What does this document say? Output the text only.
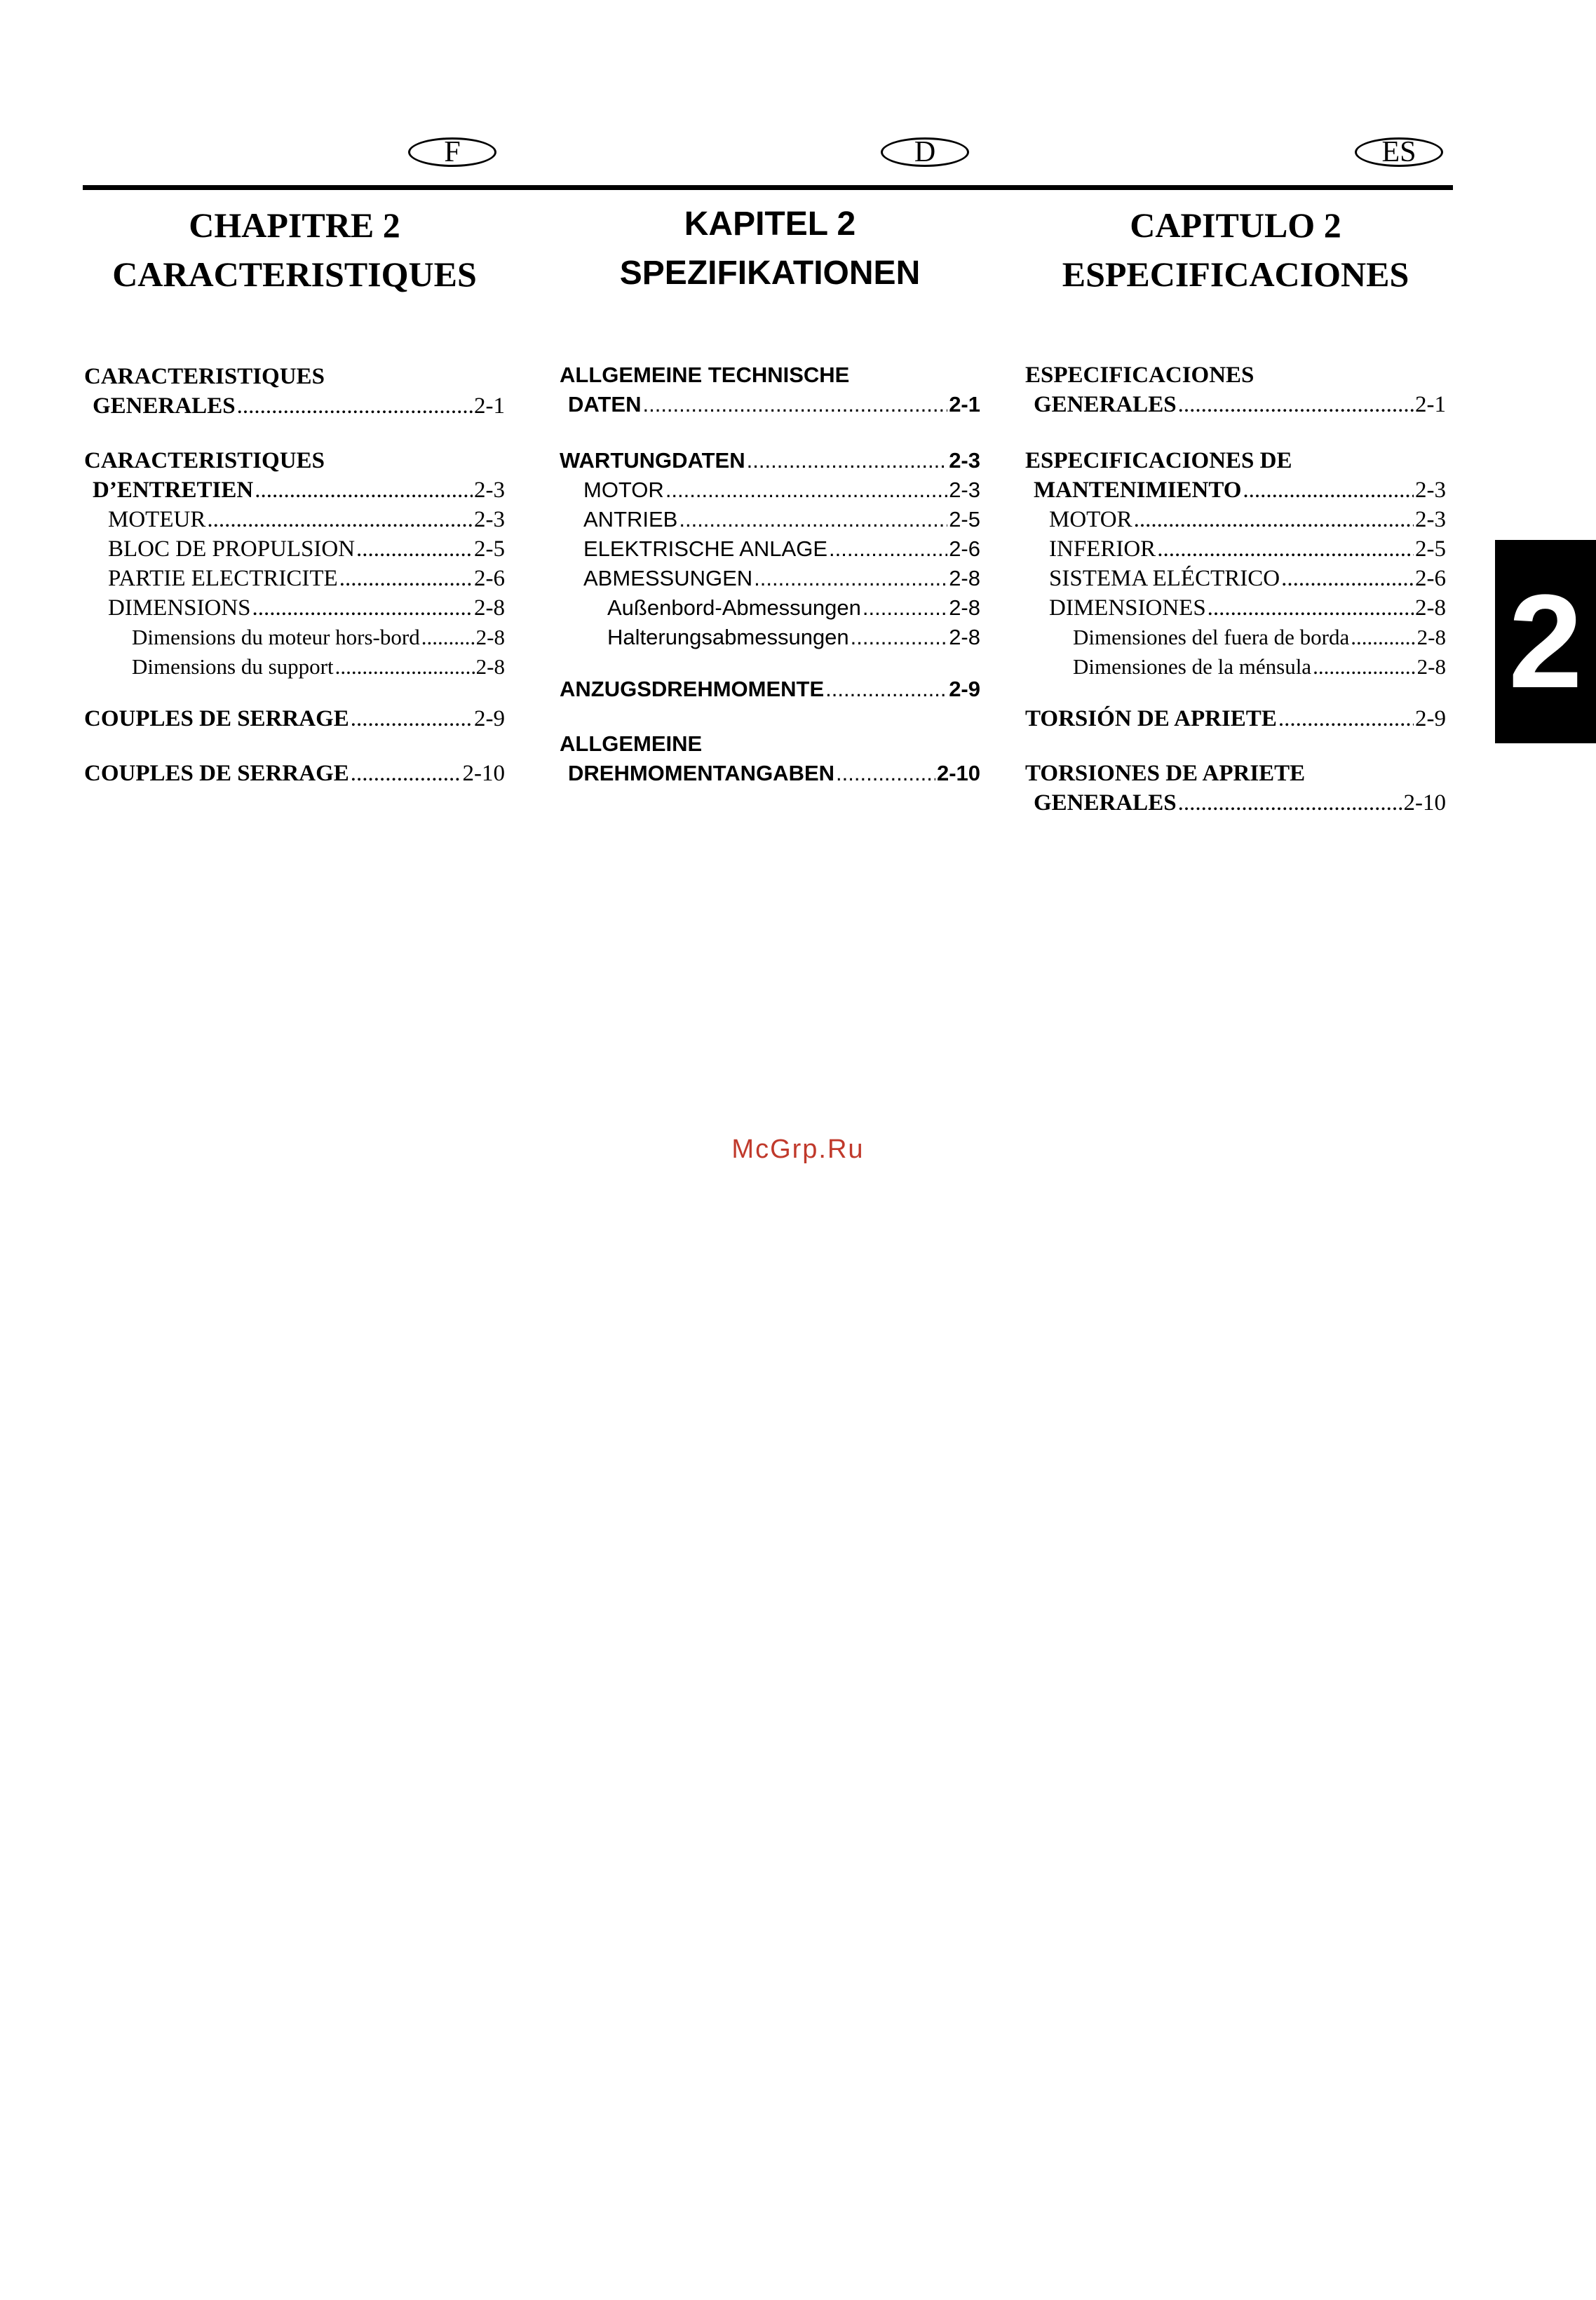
F	D	ES
CHAPITRE 2
CARACTERISTIQUES
CARACTERISTIQUES
GENERALES .....	2-1
CARACTERISTIQUES
D’ENTRETIEN .....	2-3
MOTEUR .....	2-3
BLOC DE PROPULSION .....	2-5
PARTIE ELECTRICITE .....	2-6
DIMENSIONS .....	2-8
Dimensions du moteur hors-bord .....	2-8
Dimensions du support .....	2-8
COUPLES DE SERRAGE .....	2-9
COUPLES DE SERRAGE .....	2-10
KAPITEL 2
SPEZIFIKATIONEN
ALLGEMEINE TECHNISCHE
DATEN .....	2-1
WARTUNGDATEN .....	2-3
MOTOR .....	2-3
ANTRIEB .....	2-5
ELEKTRISCHE ANLAGE .....	2-6
ABMESSUNGEN .....	2-8
Außenbord-Abmessungen .....	2-8
Halterungsabmessungen .....	2-8
ANZUGSDREHMOMENTE .....	2-9
ALLGEMEINE
DREHMOMENTANGABEN .....	2-10
CAPITULO 2
ESPECIFICACIONES
ESPECIFICACIONES
GENERALES .....	2-1
ESPECIFICACIONES DE
MANTENIMIENTO .....	2-3
MOTOR .....	2-3
INFERIOR .....	2-5
SISTEMA ELÉCTRICO .....	2-6
DIMENSIONES .....	2-8
Dimensiones del fuera de borda .....	2-8
Dimensiones de la ménsula .....	2-8
TORSIÓN DE APRIETE .....	2-9
TORSIONES DE APRIETE
GENERALES .....	2-10
2
McGrp.Ru
